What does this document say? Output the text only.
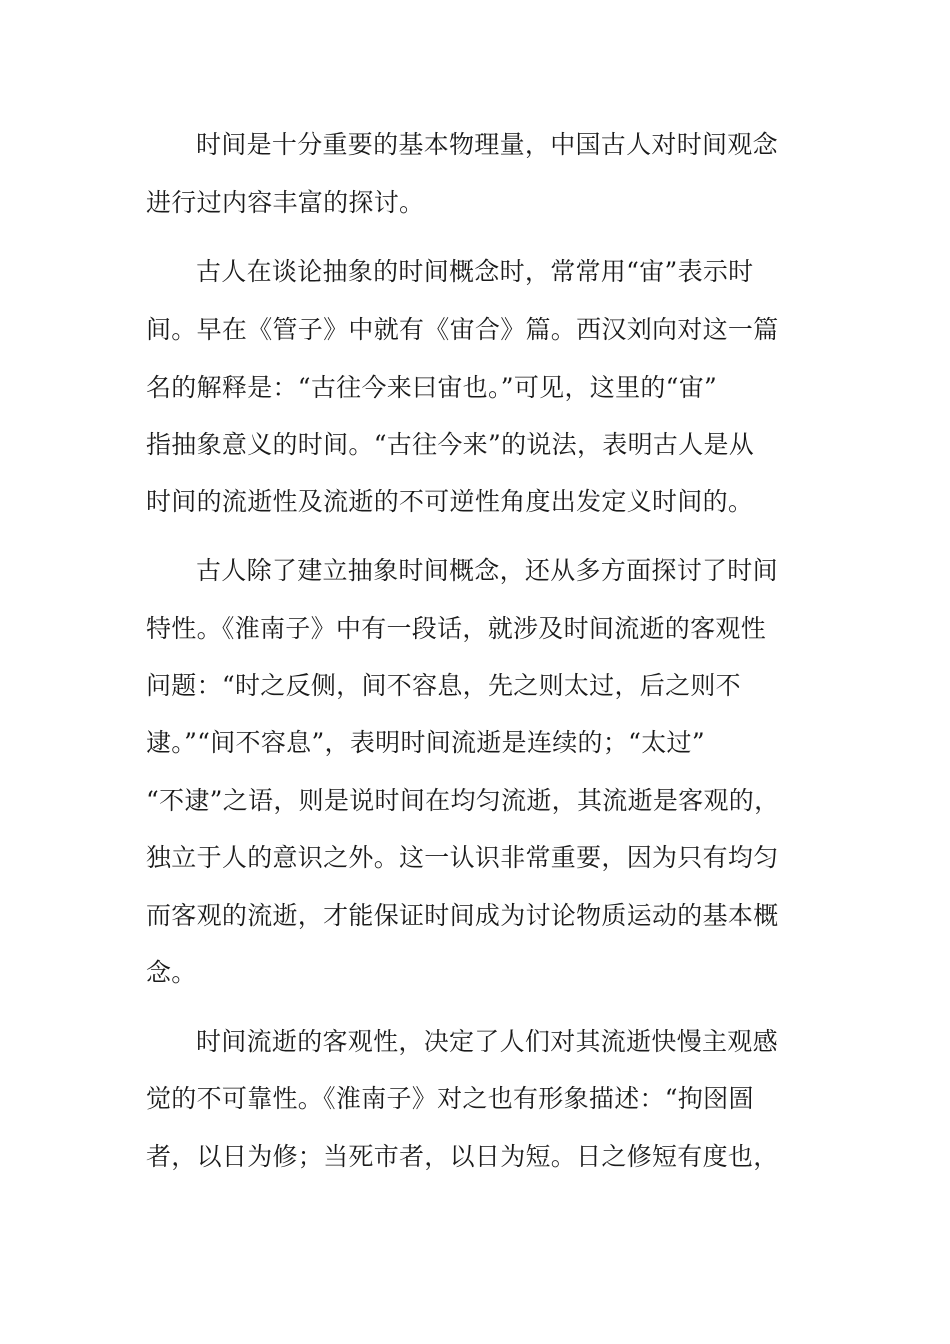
时间是十分重要的基本物理量，中国古人对时间观念

进行过内容丰富的探讨。

古人在谈论抽象的时间概念时，常常用“宙”表示时

间。早在《管子》中就有《宙合》篇。西汉刘向对这一篇

名的解释是：“古往今来曰宙也。”可见，这里的“宙”

指抽象意义的时间。“古往今来”的说法，表明古人是从

时间的流逝性及流逝的不可逆性角度出发定义时间的。

古人除了建立抽象时间概念，还从多方面探讨了时间

特性。《淮南子》中有一段话，就涉及时间流逝的客观性

问题：“时之反侧，间不容息，先之则太过，后之则不

逮。”“间不容息”，表明时间流逝是连续的；“太过”

“不逮”之语，则是说时间在均匀流逝，其流逝是客观的，

独立于人的意识之外。这一认识非常重要，因为只有均匀

而客观的流逝，才能保证时间成为讨论物质运动的基本概

念。

时间流逝的客观性，决定了人们对其流逝快慢主观感

觉的不可靠性。《淮南子》对之也有形象描述：“拘囹圄

者，以日为修；当死市者，以日为短。日之修短有度也，
